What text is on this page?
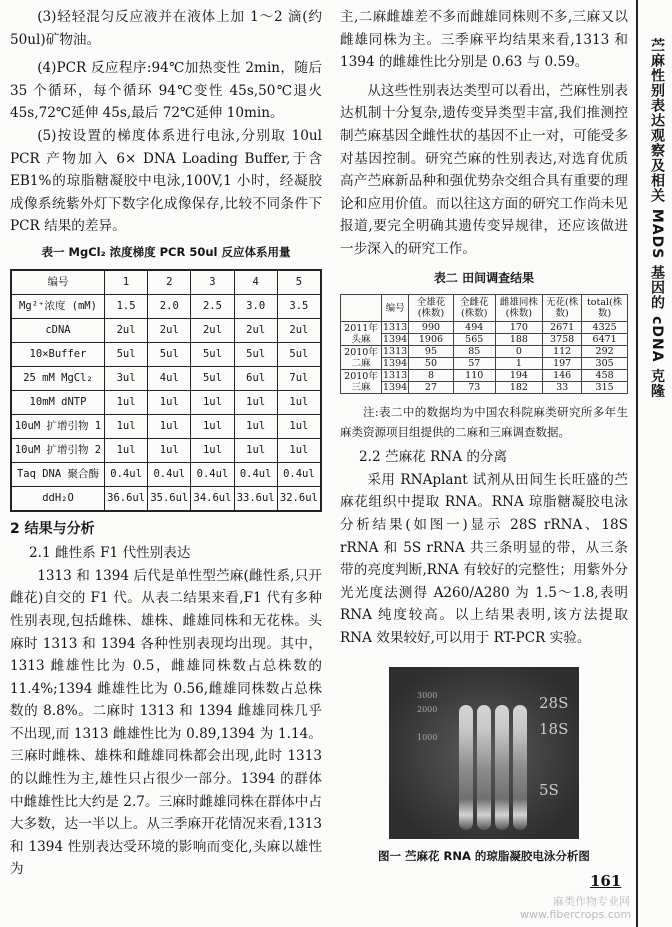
苎麻性别表达观察及相关 MADS 基因的 cDNA 克隆

(3)轻轻混匀反应液并在液体上加 1～2 滴(约50ul)矿物油。

(4)PCR 反应程序:94℃加热变性 2min，随后 35 个循环，每个循环 94℃变性 45s,50℃退火 45s,72℃延伸 45s,最后 72℃延伸 10min。

(5)按设置的梯度体系进行电泳,分别取 10ul PCR 产物加入 6× DNA Loading Buffer,于含 EB1%的琼脂糖凝胶中电泳,100V,1 小时，经凝胶成像系统紫外灯下数字化成像保存,比较不同条件下 PCR 结果的差异。

表一 MgCl₂ 浓度梯度 PCR 50ul 反应体系用量
编号	1	2	3	4	5
Mg²⁺浓度 (mM)	1.5	2.0	2.5	3.0	3.5
cDNA	2ul	2ul	2ul	2ul	2ul
10×Buffer	5ul	5ul	5ul	5ul	5ul
25 mM MgCl₂	3ul	4ul	5ul	6ul	7ul
10mM dNTP	1ul	1ul	1ul	1ul	1ul
10uM 扩增引物 1	1ul	1ul	1ul	1ul	1ul
10uM 扩增引物 2	1ul	1ul	1ul	1ul	1ul
Taq DNA 聚合酶	0.4ul	0.4ul	0.4ul	0.4ul	0.4ul
ddH₂O	36.6ul	35.6ul	34.6ul	33.6ul	32.6ul
2 结果与分析
2.1 雌性系 F1 代性别表达

1313 和 1394 后代是单性型苎麻(雌性系,只开雌花)自交的 F1 代。从表二结果来看,F1 代有多种性别表现,包括雌株、雄株、雌雄同株和无花株。头麻时 1313 和 1394 各种性别表现均出现。其中，1313 雌雄性比为 0.5，雌雄同株数占总株数的 11.4%;1394 雌雄性比为 0.56,雌雄同株数占总株数的 8.8%。二麻时 1313 和 1394 雌雄同株几乎不出现,而 1313 雌雄性比为 0.89,1394 为 1.14。三麻时雌株、雄株和雌雄同株都会出现,此时 1313 的以雌性为主,雄性只占很少一部分。1394 的群体中雌雄性比大约是 2.7。三麻时雌雄同株在群体中占大多数，达一半以上。从三季麻开花情况来看,1313 和 1394 性别表达受环境的影响而变化,头麻以雄性为

主,二麻雌雄差不多而雌雄同株则不多,三麻又以雌雄同株为主。三季麻平均结果来看,1313 和 1394 的雌雄性比分别是 0.63 与 0.59。

从这些性别表达类型可以看出，苎麻性别表达机制十分复杂,遗传变异类型丰富,我们推测控制苎麻基因全雌性状的基因不止一对，可能受多对基因控制。研究苎麻的性别表达,对选育优质高产苎麻新品种和强优势杂交组合具有重要的理论和应用价值。而以往这方面的研究工作尚未见报道,要完全明确其遗传变异规律，还应该做进一步深入的研究工作。

表二 田间调查结果
	编号	全雄花(株数)	全雌花(株数)	雌雄同株(株数)	无花(株数)	total(株数)
2011年头麻	1313	990	494	170	2671	4325
	1394	1906	565	188	3758	6471
2010年二麻	1313	95	85	0	112	292
	1394	50	57	1	197	305
2010年三麻	1313	8	110	194	146	458
	1394	27	73	182	33	315

注:表二中的数据均为中国农科院麻类研究所多年生麻类资源项目组提供的二麻和三麻调查数据。

2.2 苎麻花 RNA 的分离

采用 RNAplant 试剂从田间生长旺盛的苎麻花组织中提取 RNA。RNA 琼脂糖凝胶电泳分析结果(如图一)显示 28S rRNA、18S rRNA 和 5S rRNA 共三条明显的带，从三条带的亮度判断,RNA 有较好的完整性；用紫外分光光度法测得 A260/A280 为 1.5～1.8,表明 RNA 纯度较高。以上结果表明,该方法提取 RNA 效果较好,可以用于 RT-PCR 实验。

3000
2000
1000
28S
18S
5S
图一 苎麻花 RNA 的琼脂凝胶电泳分析图
161
麻类作物专业网
www.fibercrops.com
